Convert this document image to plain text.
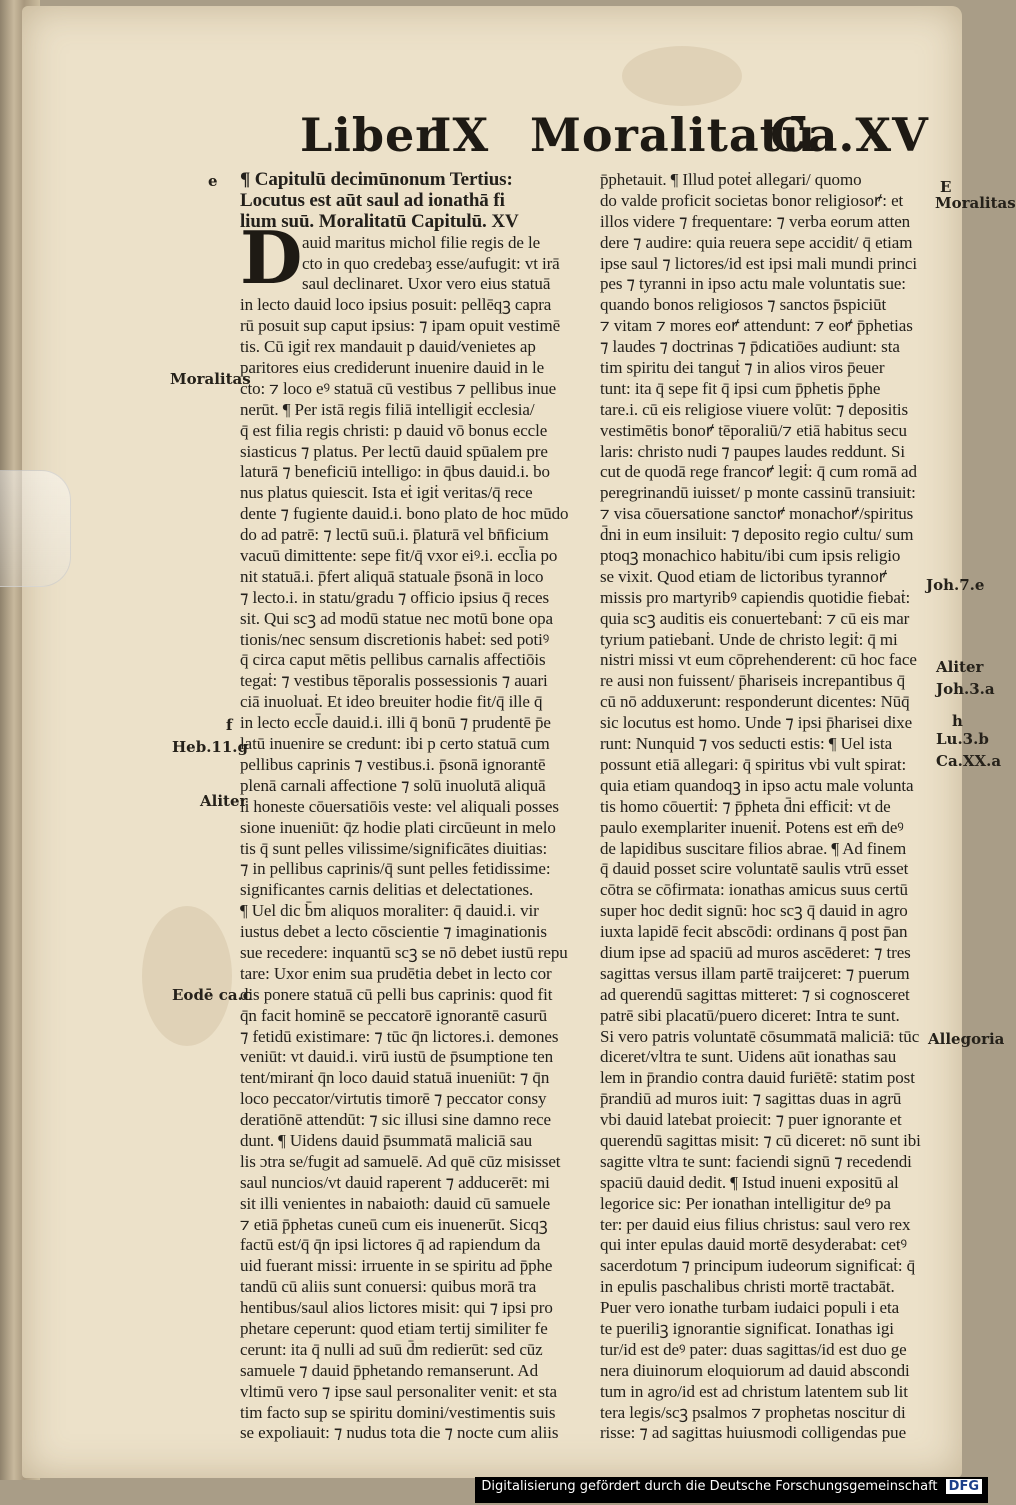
Liber
IX Moralitatū
Ca.XV
D
¶ Capitulū decimūnonum Tertius:
Locutus est aūt saul ad ionathā fi
lium suū. Moralitatū Capitulū. XV
auid maritus michol filie regis de le
cto in quo credebaȝ esse/aufugit: vt irā
saul declinaret. Uxor vero eius statuā
in lecto dauid loco ipsius posuit: pellēqꝫ capra
rū posuit sup caput ipsius: ⁊ ipam opuit vestimē
tis. Cū igiṫ rex mandauit p dauid/venietes ap
paritores eius crediderunt inuenire dauid in le
cto: ⁊ loco eꝰ statuā cū vestibus ⁊ pellibus inue
nerūt. ¶ Per istā regis filiā intelligiṫ ecclesia/
q̄ est filia regis christi: p dauid vō bonus eccle
siasticus ⁊ platus. Per lectū dauid spūalem pre
laturā ⁊ beneficiū intelligo: in q̄bus dauid.i. bo
nus platus quiescit. Ista eṫ igiṫ veritas/q̄ rece
dente ⁊ fugiente dauid.i. bono plato de hoc mūdo
do ad patrē: ⁊ lectū suū.i. p̄laturā vel bn̄ficium
vacuū dimittente: sepe fit/q̄ vxor eiꝰ.i. eccl̄ia po
nit statuā.i. p̄fert aliquā statuale p̄sonā in loco
⁊ lecto.i. in statu/gradu ⁊ officio ipsius q̄ reces
sit. Qui scꝫ ad modū statue nec motū bone opa
tionis/nec sensum discretionis habeṫ: sed potiꝰ
q̄ circa caput mētis pellibus carnalis affectiōis
tegaṫ: ⁊ vestibus tēporalis possessionis ⁊ auari
ciā inuoluaṫ. Et ideo breuiter hodie fit/q̄ ille q̄
in lecto eccl̄e dauid.i. illi q̄ bonū ⁊ prudentē p̄e
latū inuenire se credunt: ibi p certo statuā cum
pellibus caprinis ⁊ vestibus.i. p̄sonā ignorantē
plenā carnali affectione ⁊ solū inuolutā aliquā
li honeste cōuersatiōis veste: vel aliquali posses
sione inueniūt: q̄z hodie plati circūeunt in melo
tis q̄ sunt pelles vilissime/significātes diuitias:
⁊ in pellibus caprinis/q̄ sunt pelles fetidissime:
significantes carnis delitias et delectationes.
¶ Uel dic b̄m aliquos moraliter: q̄ dauid.i. vir
iustus debet a lecto cōscientie ⁊ imaginationis
sue recedere: inquantū scꝫ se nō debet iustū repu
tare: Uxor enim sua prudētia debet in lecto cor
dis ponere statuā cū pelli bus caprinis: quod fit
q̄n facit hominē se peccatorē ignorantē casurū
⁊ fetidū existimare: ⁊ tūc q̄n lictores.i. demones
veniūt: vt dauid.i. virū iustū de p̄sumptione ten
tent/miranṫ q̄n loco dauid statuā inueniūt: ⁊ q̄n
loco peccator/virtutis timorē ⁊ peccator consy
deratiōnē attendūt: ⁊ sic illusi sine damno rece
dunt. ¶ Uidens dauid p̄summatā maliciā sau
lis ɔtra se/fugit ad samuelē. Ad quē cūz misisset
saul nuncios/vt dauid raperent ⁊ adducerēt: mi
sit illi venientes in nabaioth: dauid cū samuele
⁊ etiā p̄phetas cuneū cum eis inuenerūt. Sicqꝫ
factū est/q̄ q̄n ipsi lictores q̄ ad rapiendum da
uid fuerant missi: irruente in se spiritu ad p̄phe
tandū cū aliis sunt conuersi: quibus morā tra
hentibus/saul alios lictores misit: qui ⁊ ipsi pro
phetare ceperunt: quod etiam tertij similiter fe
cerunt: ita q̄ nulli ad suū d̄m redierūt: sed cūz
samuele ⁊ dauid p̄phetando remanserunt. Ad
vltimū vero ⁊ ipse saul personaliter venit: et sta
tim facto sup se spiritu domini/vestimentis suis
se expoliauit: ⁊ nudus tota die ⁊ nocte cum aliis
p̄phetauit. ¶ Illud poteṫ allegari/ quomo
do valde proficit societas bonor religiosoꝵ: et
illos videre ⁊ frequentare: ⁊ verba eorum atten
dere ⁊ audire: quia reuera sepe accidit/ q̄ etiam
ipse saul ⁊ lictores/id est ipsi mali mundi princi
pes ⁊ tyranni in ipso actu male voluntatis sue:
quando bonos religiosos ⁊ sanctos p̄spiciūt
⁊ vitam ⁊ mores eoꝵ attendunt: ⁊ eoꝵ p̄phetias
⁊ laudes ⁊ doctrinas ⁊ p̄dicatiōes audiunt: sta
tim spiritu dei tanguṫ ⁊ in alios viros p̄euer
tunt: ita q̄ sepe fit q̄ ipsi cum p̄phetis p̄phe
tare.i. cū eis religiose viuere volūt: ⁊ depositis
vestimētis bonoꝵ tēporaliū/⁊ etiā habitus secu
laris: christo nudi ⁊ paupes laudes reddunt. Si
cut de quodā rege francoꝵ legiṫ: q̄ cum romā ad
peregrinandū iuisset/ p monte cassinū transiuit:
⁊ visa cōuersatione sanctoꝵ monachoꝵ/spiritus
d̄ni in eum insiluit: ⁊ deposito regio cultu/ sum
ptoqꝫ monachico habitu/ibi cum ipsis religio
se vixit. Quod etiam de lictoribus tyrannoꝵ
missis pro martyribꝰ capiendis quotidie fiebaṫ:
quia scꝫ auditis eis conuertebanṫ: ⁊ cū eis mar
tyrium patiebanṫ. Unde de christo legiṫ: q̄ mi
nistri missi vt eum cōprehenderent: cū hoc face
re ausi non fuissent/ p̄hariseis increpantibus q̄
cū nō adduxerunt: responderunt dicentes: Nūq̄
sic locutus est homo. Unde ⁊ ipsi p̄harisei dixe
runt: Nunquid ⁊ vos seducti estis: ¶ Uel ista
possunt etiā allegari: q̄ spiritus vbi vult spirat:
quia etiam quandoqꝫ in ipso actu male volunta
tis homo cōuertiṫ: ⁊ p̄pheta d̄ni efficiṫ: vt de
paulo exemplariter inueniṫ. Potens est em̄ deꝰ
de lapidibus suscitare filios abrae. ¶ Ad finem
q̄ dauid posset scire voluntatē saulis vtrū esset
cōtra se cōfirmata: ionathas amicus suus certū
super hoc dedit signū: hoc scꝫ q̄ dauid in agro
iuxta lapidē fecit abscōdi: ordinans q̄ post p̄an
dium ipse ad spaciū ad muros ascēderet: ⁊ tres
sagittas versus illam partē traijceret: ⁊ puerum
ad querendū sagittas mitteret: ⁊ si cognosceret
patrē sibi placatū/puero diceret: Intra te sunt.
Si vero patris voluntatē cōsummatā maliciā: tūc
diceret/vltra te sunt. Uidens aūt ionathas sau
lem in p̄randio contra dauid furiētē: statim post
p̄randiū ad muros iuit: ⁊ sagittas duas in agrū
vbi dauid latebat proiecit: ⁊ puer ignorante et
querendū sagittas misit: ⁊ cū diceret: nō sunt ibi
sagitte vltra te sunt: faciendi signū ⁊ recedendi
spaciū dauid dedit. ¶ Istud inueni expositū al
legorice sic: Per ionathan intelligitur deꝰ pa
ter: per dauid eius filius christus: saul vero rex
qui inter epulas dauid mortē desyderabat: cetꝰ
sacerdotum ⁊ principum iudeorum significaṫ: q̄
in epulis paschalibus christi mortē tractabāt.
Puer vero ionathe turbam iudaici populi i eta
te pueriliꝫ ignorantie significat. Ionathas igi
tur/id est deꝰ pater: duas sagittas/id est duo ge
nera diuinorum eloquiorum ad dauid abscondi
tum in agro/id est ad christum latentem sub lit
tera legis/scꝫ psalmos ⁊ prophetas noscitur di
risse: ⁊ ad sagittas huiusmodi colligendas pue
e
Moralitas
f
Heb.11.g
Aliter
Eodē ca.c
E
Moralitas
Joh.7.e
Aliter
Joh.3.a
h
Lu.3.b
Ca.XX.a
Allegoria
Digitalisierung gefördert durch die Deutsche Forschungsgemeinschaft DFG
